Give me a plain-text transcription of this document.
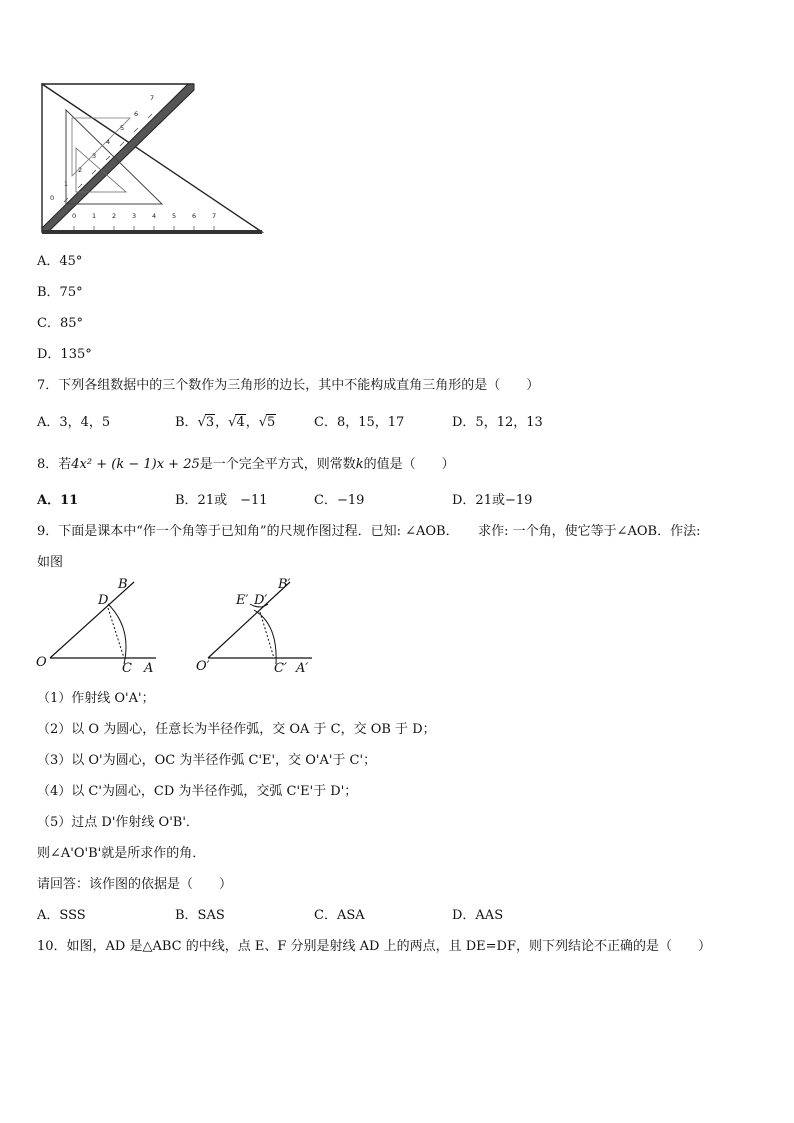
0
1
2
3
4
5
6
7
0 1 2 3 4 5 6 7
A．45°
B．75°
C．85°
D．135°
7．下列各组数据中的三个数作为三角形的边长，其中不能构成直角三角形的是（　　）
A．3，4，5	B．√3，√4，√5	C．8，15，17	D．5，12，13
8．若4x² + (k − 1)x + 25是一个完全平方式，则常数k的值是（　　）
A．11	B．21或　−11	C．−19	D．21或−19
9．下面是课本中“作一个角等于已知角”的尺规作图过程．已知: ∠AOB．　　求作: 一个角，使它等于∠AOB．作法:
如图
B
D
O	C A
B′
E′ D′
O′	C′ A′
（1）作射线 O'A'；
（2）以 O 为圆心，任意长为半径作弧，交 OA 于 C，交 OB 于 D；
（3）以 O'为圆心，OC 为半径作弧 C'E'，交 O'A'于 C'；
（4）以 C'为圆心，CD 为半径作弧，交弧 C'E'于 D'；
（5）过点 D'作射线 O'B'．
则∠A'O'B'就是所求作的角．
请回答：该作图的依据是（　　）
A．SSS	B．SAS	C．ASA	D．AAS
10．如图，AD 是△ABC 的中线，点 E、F 分别是射线 AD 上的两点，且 DE=DF，则下列结论不正确的是（　　）
